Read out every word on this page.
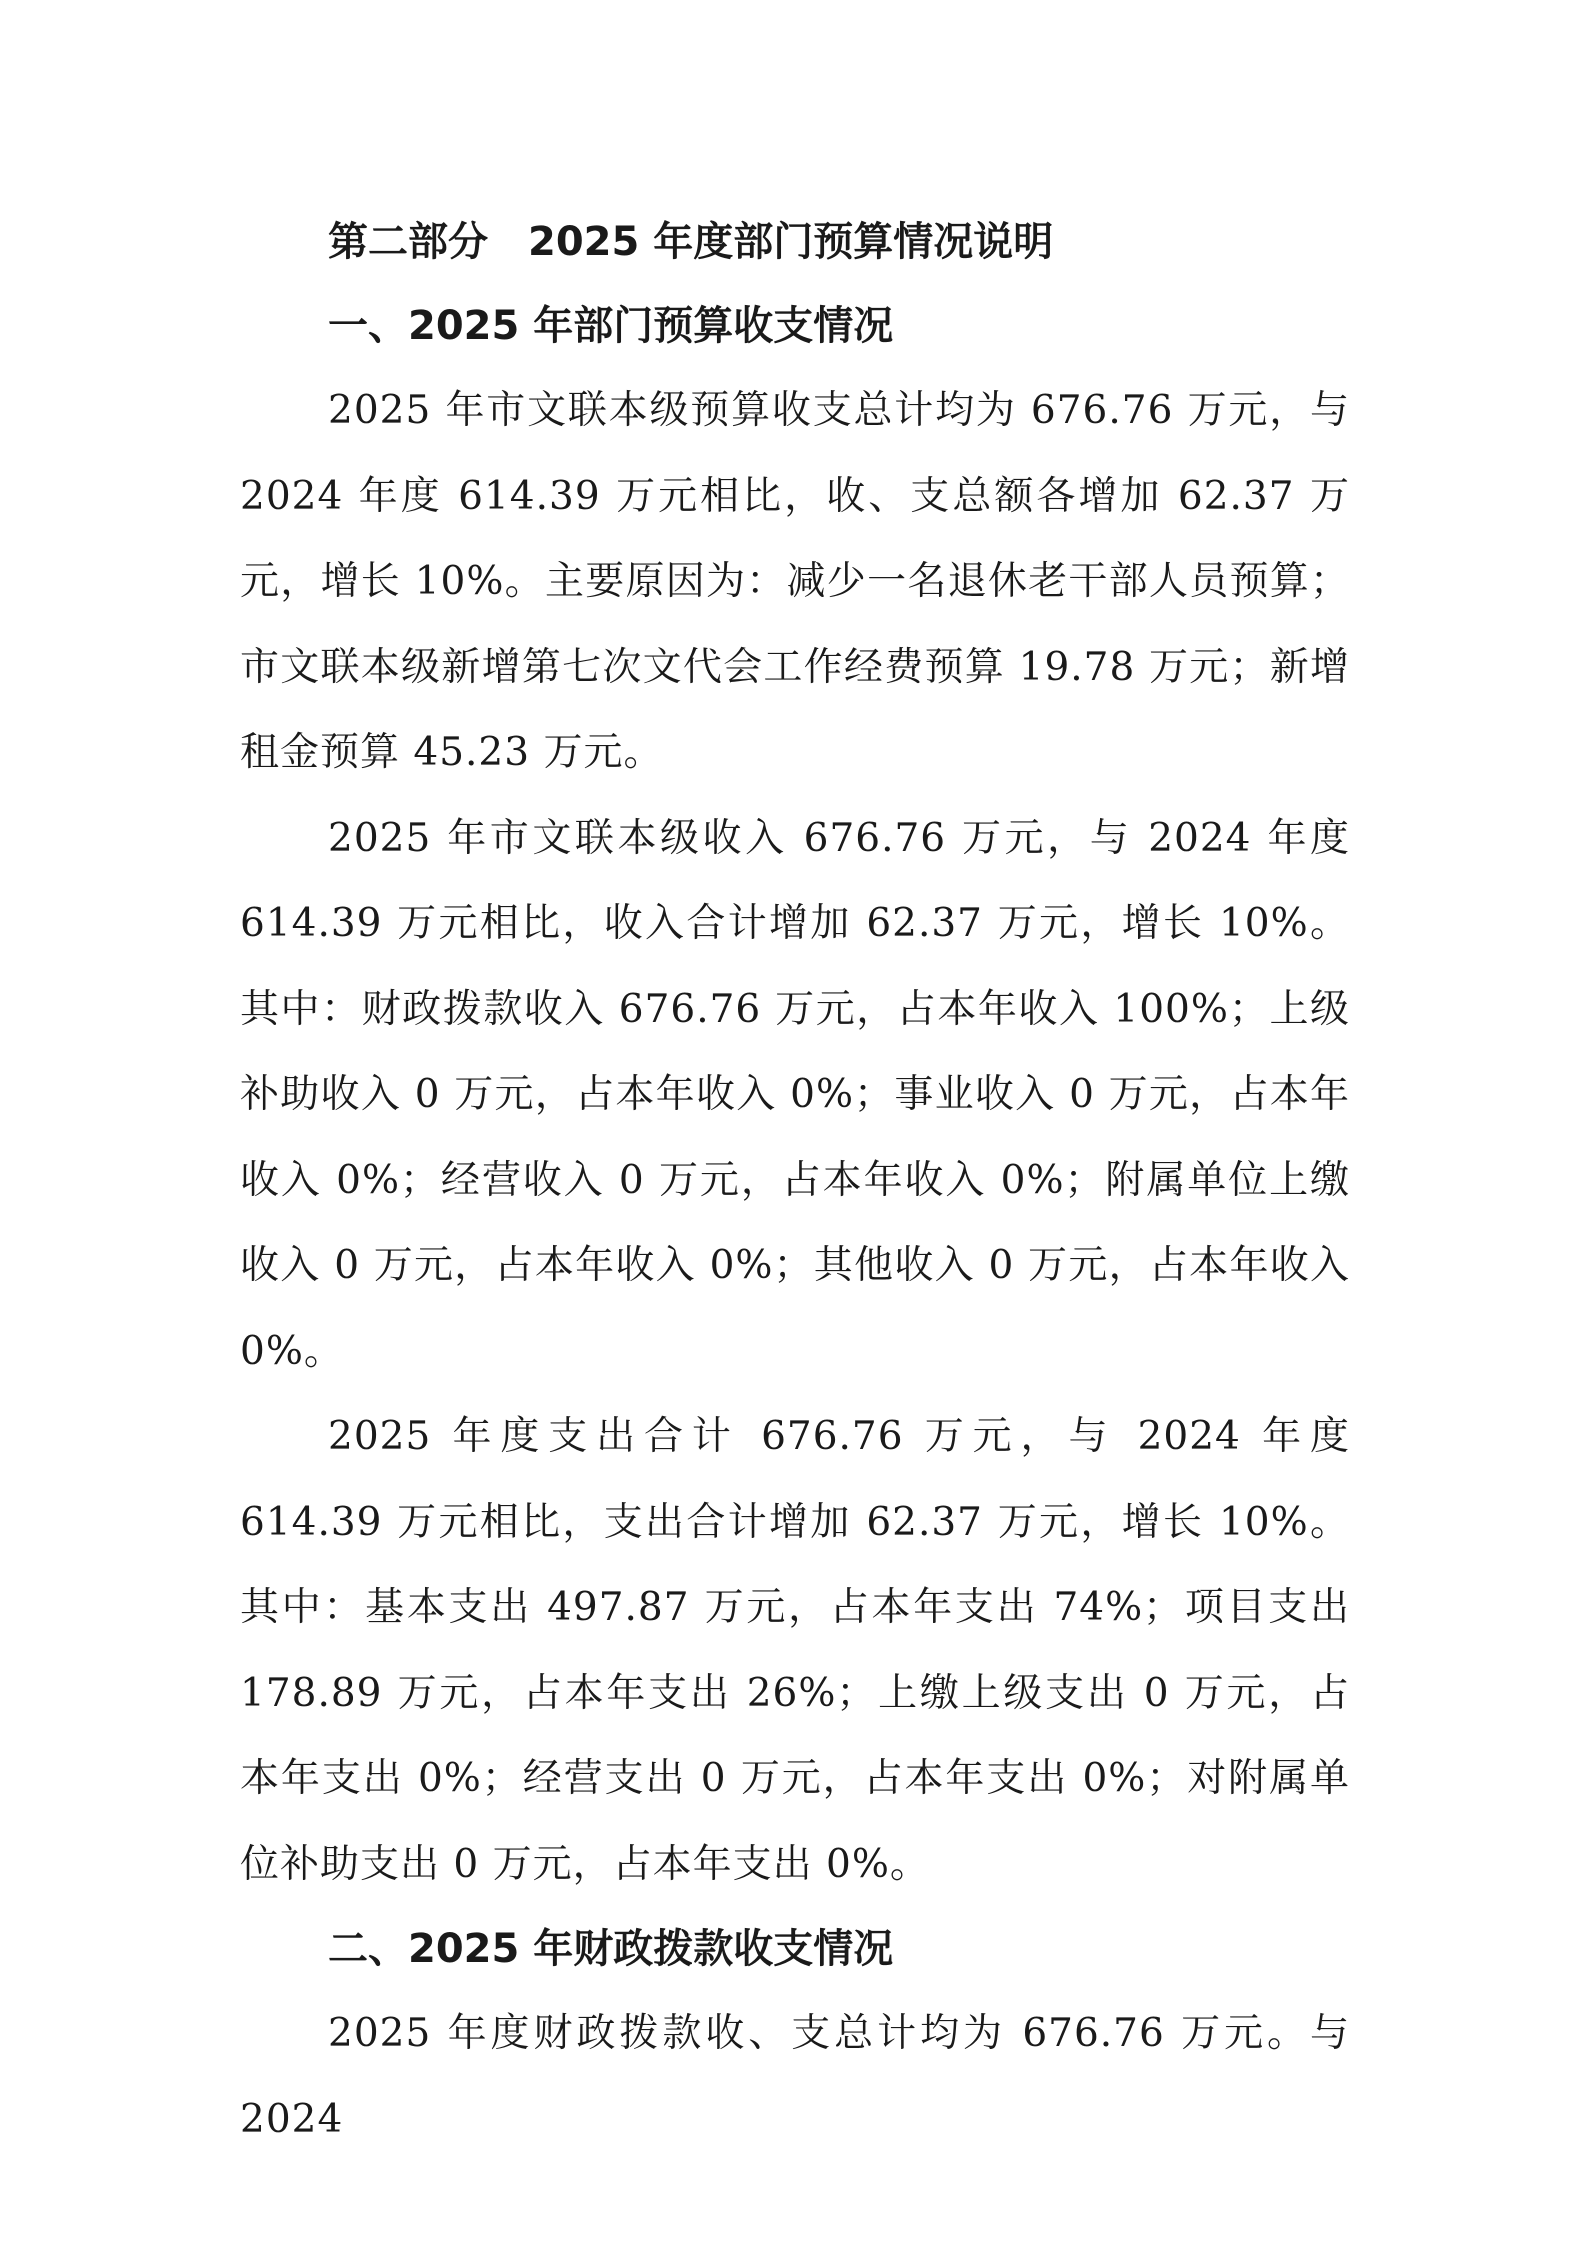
第二部分　2025 年度部门预算情况说明
一、2025 年部门预算收支情况

2025 年市文联本级预算收支总计均为 676.76 万元，与 2024 年度 614.39 万元相比，收、支总额各增加 62.37 万元，增长 10%。主要原因为：减少一名退休老干部人员预算；市文联本级新增第七次文代会工作经费预算 19.78 万元；新增租金预算 45.23 万元。

2025 年市文联本级收入 676.76 万元，与 2024 年度 614.39 万元相比，收入合计增加 62.37 万元，增长 10%。其中：财政拨款收入 676.76 万元，占本年收入 100%；上级补助收入 0 万元，占本年收入 0%；事业收入 0 万元，占本年收入 0%；经营收入 0 万元，占本年收入 0%；附属单位上缴收入 0 万元，占本年收入 0%；其他收入 0 万元，占本年收入 0%。

2025 年度支出合计 676.76 万元，与 2024 年度 614.39 万元相比，支出合计增加 62.37 万元，增长 10%。其中：基本支出 497.87 万元，占本年支出 74%；项目支出 178.89 万元，占本年支出 26%；上缴上级支出 0 万元，占本年支出 0%；经营支出 0 万元，占本年支出 0%；对附属单位补助支出 0 万元，占本年支出 0%。

二、2025 年财政拨款收支情况

2025 年度财政拨款收、支总计均为 676.76 万元。与 2024
